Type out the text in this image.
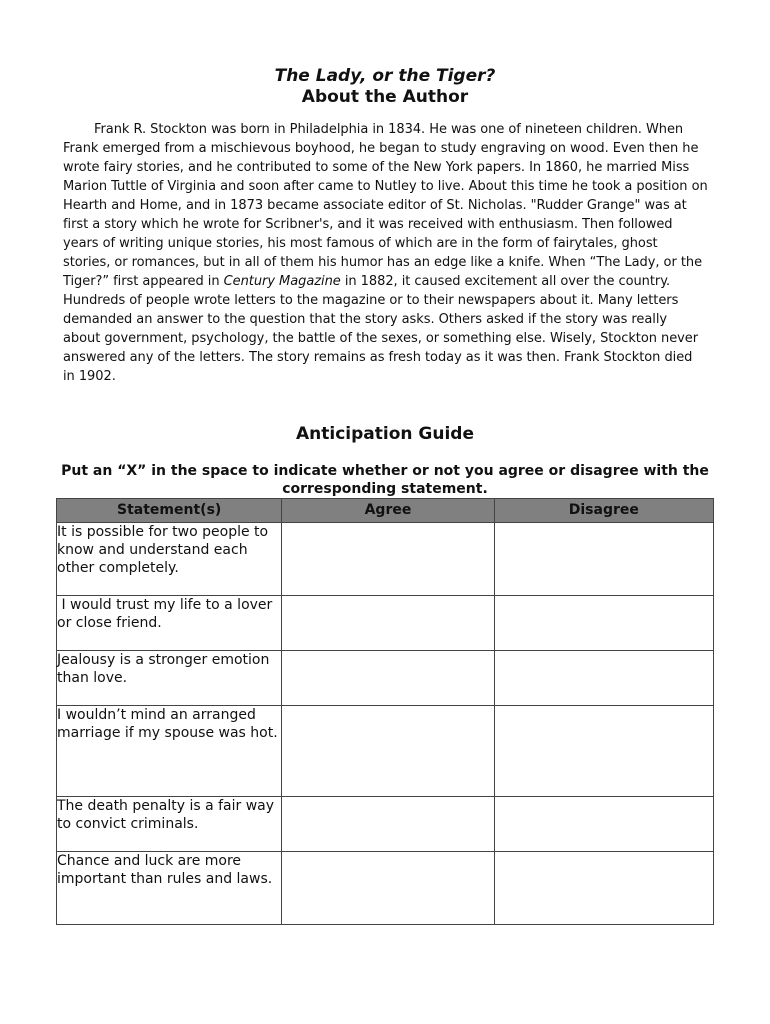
The Lady, or the Tiger?
About the Author

Frank R. Stockton was born in Philadelphia in 1834. He was one of nineteen children. When Frank emerged from a mischievous boyhood, he began to study engraving on wood. Even then he wrote fairy stories, and he contributed to some of the New York papers. In 1860, he married Miss Marion Tuttle of Virginia and soon after came to Nutley to live. About this time he took a position on Hearth and Home, and in 1873 became associate editor of St. Nicholas. "Rudder Grange" was at first a story which he wrote for Scribner's, and it was received with enthusiasm. Then followed years of writing unique stories, his most famous of which are in the form of fairytales, ghost stories, or romances, but in all of them his humor has an edge like a knife. When “The Lady, or the Tiger?” first appeared in Century Magazine in 1882, it caused excitement all over the country. Hundreds of people wrote letters to the magazine or to their newspapers about it. Many letters demanded an answer to the question that the story asks. Others asked if the story was really about government, psychology, the battle of the sexes, or something else. Wisely, Stockton never answered any of the letters. The story remains as fresh today as it was then. Frank Stockton died in 1902.

Anticipation Guide
Put an “X” in the space to indicate whether or not you agree or disagree with the corresponding statement.
Statement(s)	Agree	Disagree
It is possible for two people to know and understand each other completely.		
I would trust my life to a lover or close friend.		
Jealousy is a stronger emotion than love.		
I wouldn’t mind an arranged marriage if my spouse was hot.		
The death penalty is a fair way to convict criminals.		
Chance and luck are more important than rules and laws.		
